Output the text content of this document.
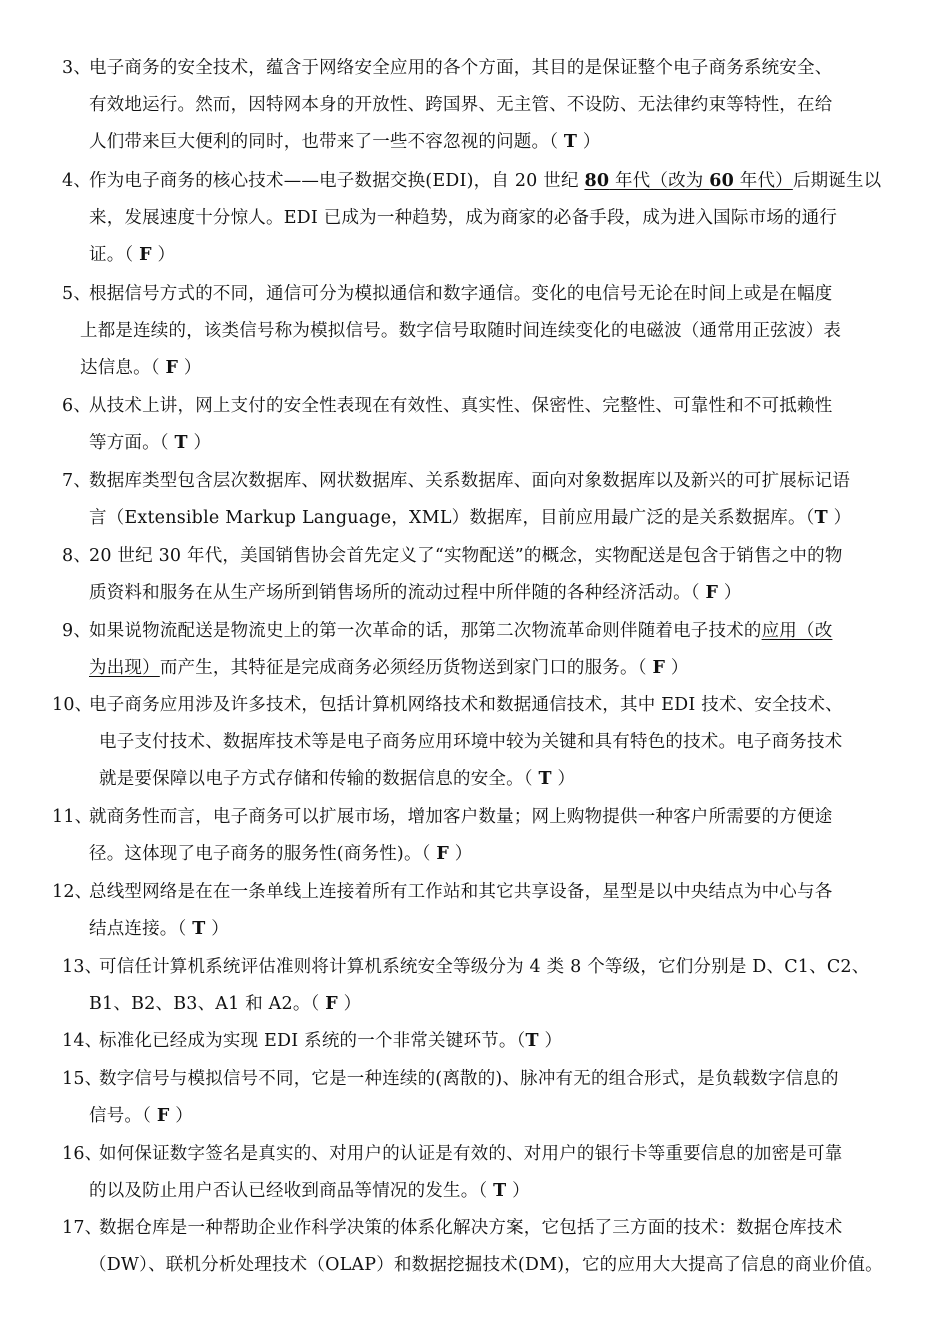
3、
电子商务的安全技术，蕴含于网络安全应用的各个方面，其目的是保证整个电子商务系统安全、
有效地运行。然而，因特网本身的开放性、跨国界、无主管、不设防、无法律约束等特性，在给
人们带来巨大便利的同时，也带来了一些不容忽视的问题。（ T ）
4、
作为电子商务的核心技术——电子数据交换(EDI)，自 20 世纪 80 年代（改为 60 年代）后期诞生以
来，发展速度十分惊人。EDI 已成为一种趋势，成为商家的必备手段，成为进入国际市场的通行
证。（ F ）
5、
根据信号方式的不同，通信可分为模拟通信和数字通信。变化的电信号无论在时间上或是在幅度
上都是连续的，该类信号称为模拟信号。数字信号取随时间连续变化的电磁波（通常用正弦波）表
达信息。（ F ）
6、
从技术上讲，网上支付的安全性表现在有效性、真实性、保密性、完整性、可靠性和不可抵赖性
等方面。（ T ）
7、
数据库类型包含层次数据库、网状数据库、关系数据库、面向对象数据库以及新兴的可扩展标记语
言（Extensible Markup Language，XML）数据库，目前应用最广泛的是关系数据库。（T ）
8、
20 世纪 30 年代，美国销售协会首先定义了“实物配送”的概念，实物配送是包含于销售之中的物
质资料和服务在从生产场所到销售场所的流动过程中所伴随的各种经济活动。（ F ）
9、
如果说物流配送是物流史上的第一次革命的话，那第二次物流革命则伴随着电子技术的应用（改
为出现）而产生，其特征是完成商务必须经历货物送到家门口的服务。（ F ）
10、
电子商务应用涉及许多技术，包括计算机网络技术和数据通信技术，其中 EDI 技术、安全技术、
电子支付技术、数据库技术等是电子商务应用环境中较为关键和具有特色的技术。电子商务技术
就是要保障以电子方式存储和传输的数据信息的安全。（ T ）
11、
就商务性而言，电子商务可以扩展市场，增加客户数量；网上购物提供一种客户所需要的方便途
径。这体现了电子商务的服务性(商务性)。（ F ）
12、
总线型网络是在在一条单线上连接着所有工作站和其它共享设备，星型是以中央结点为中心与各
结点连接。（ T ）
13、
可信任计算机系统评估准则将计算机系统安全等级分为 4 类 8 个等级，它们分别是 D、C1、C2、
B1、B2、B3、A1 和 A2。（ F ）
14、
标准化已经成为实现 EDI 系统的一个非常关键环节。（T ）
15、
数字信号与模拟信号不同，它是一种连续的(离散的)、脉冲有无的组合形式，是负载数字信息的
信号。（ F ）
16、
如何保证数字签名是真实的、对用户的认证是有效的、对用户的银行卡等重要信息的加密是可靠
的以及防止用户否认已经收到商品等情况的发生。（ T ）
17、
数据仓库是一种帮助企业作科学决策的体系化解决方案，它包括了三方面的技术：数据仓库技术
（DW）、联机分析处理技术（OLAP）和数据挖掘技术(DM)，它的应用大大提高了信息的商业价值。
